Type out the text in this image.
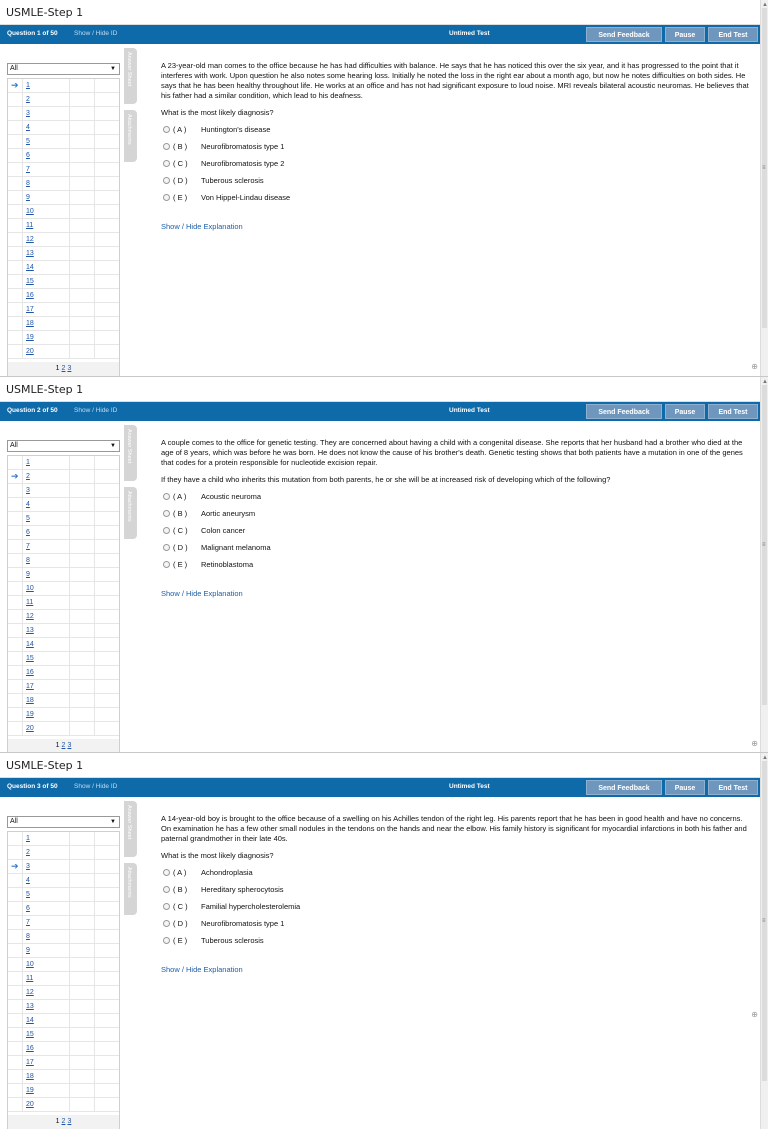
USMLE-Step 1
Question 1 of 50	Show / Hide ID	Untimed Test	Send Feedback	Pause	End Test
▲
≡
All	▼
➔ 1
2
3
4
5
6
7
8
9
10
11
12
13
14
15
16
17
18
19
20
1 2 3
Answer Sheet
Attachments

A 23-year-old man comes to the office because he has had difficulties with balance. He says that he has noticed this over the six year, and it has progressed to the point that it interferes with work. Upon question he also notes some hearing loss. Initially he noted the loss in the right ear about a month ago, but now he notes difficulties on both sides. He says that he has been healthy throughout life. He works at an office and has not had significant exposure to loud noise. MRI reveals bilateral acoustic neuromas. He believes that his father had a similar condition, which lead to his deafness.

What is the most likely diagnosis?

( A ) Huntington's disease
( B ) Neurofibromatosis type 1
( C ) Neurofibromatosis type 2
( D ) Tuberous sclerosis
( E ) Von Hippel-Lindau disease
Show / Hide Explanation
⊕
USMLE-Step 1
Question 2 of 50	Show / Hide ID	Untimed Test	Send Feedback	Pause	End Test
▲
≡
All	▼
1
➔ 2
3
4
5
6
7
8
9
10
11
12
13
14
15
16
17
18
19
20
1 2 3
Answer Sheet
Attachments

A couple comes to the office for genetic testing. They are concerned about having a child with a congenital disease. She reports that her husband had a brother who died at the age of 8 years, which was before he was born. He does not know the cause of his brother's death. Genetic testing shows that both patients have a mutation in one of the genes that codes for a protein responsible for nucleotide excision repair.

If they have a child who inherits this mutation from both parents, he or she will be at increased risk of developing which of the following?

( A ) Acoustic neuroma
( B ) Aortic aneurysm
( C ) Colon cancer
( D ) Malignant melanoma
( E ) Retinoblastoma
Show / Hide Explanation
⊕
USMLE-Step 1
Question 3 of 50	Show / Hide ID	Untimed Test	Send Feedback	Pause	End Test
▲
≡
All	▼
1
2
➔ 3
4
5
6
7
8
9
10
11
12
13
14
15
16
17
18
19
20
1 2 3
Answer Sheet
Attachments

A 14-year-old boy is brought to the office because of a swelling on his Achilles tendon of the right leg. His parents report that he has been in good health and have no concerns. On examination he has a few other small nodules in the tendons on the hands and near the elbow. His family history is significant for myocardial infarctions in both his father and paternal grandmother in their late 40s.

What is the most likely diagnosis?

( A ) Achondroplasia
( B ) Hereditary spherocytosis
( C ) Familial hypercholesterolemia
( D ) Neurofibromatosis type 1
( E ) Tuberous sclerosis
Show / Hide Explanation
⊕
